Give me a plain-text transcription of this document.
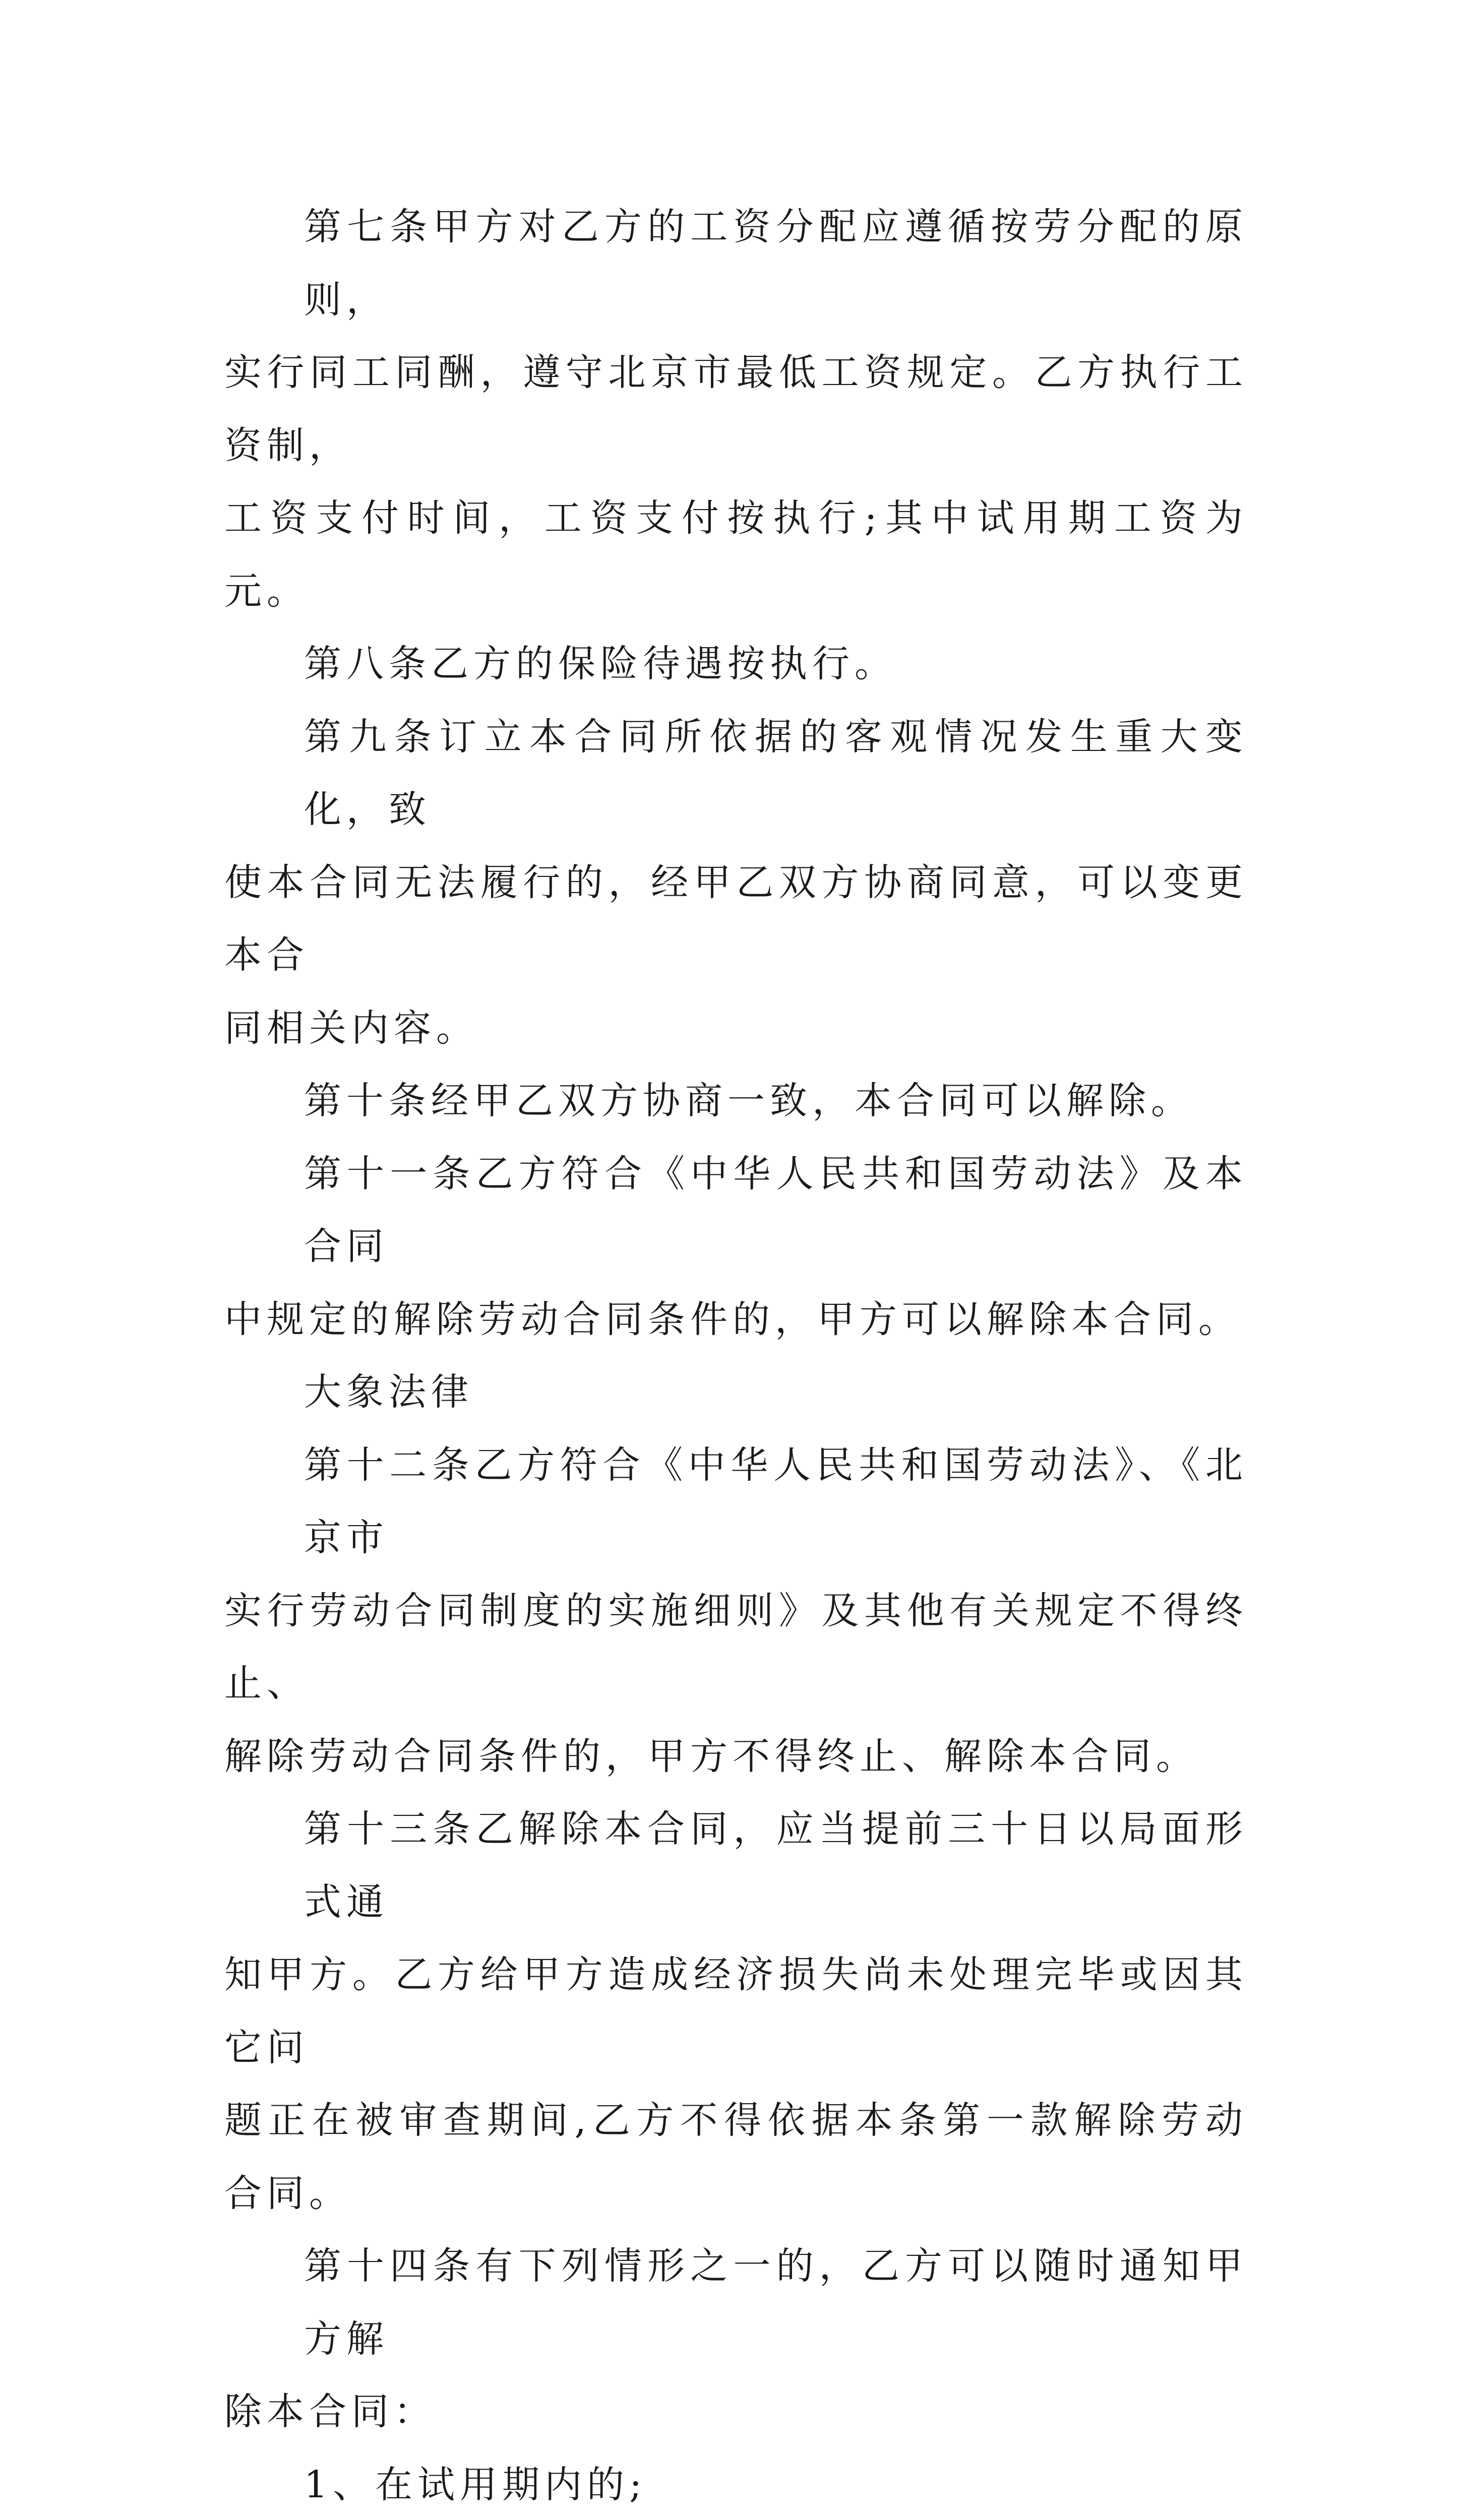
第七条甲方对乙方的工资分配应遵循按劳分配的原则，
实行同工同酬，遵守北京市最低工资规定。乙方执行工资制，
工资支付时间，工资支付按执行;其中试用期工资为元。

第八条乙方的保险待遇按执行。

第九条订立本合同所依据的客观情况发生重大变化，致
使本合同无法履行的，经甲乙双方协商同意，可以变更本合
同相关内容。

第十条经甲乙双方协商一致，本合同可以解除。

第十一条乙方符合《中华人民共和国劳动法》及本合同
中规定的解除劳动合同条件的，甲方可以解除本合同。

大象法律

第十二条乙方符合《中华人民共和国劳动法》、《北京市
实行劳动合同制度的实施细则》及其他有关规定不得终止、
解除劳动合同条件的，甲方不得终止、解除本合同。

第十三条乙解除本合同，应当提前三十日以局面形式通
知甲方。乙方给甲方造成经济损失尚未处理完毕或因其它问
题正在被审查期间,乙方不得依据本条第一款解除劳动合同。

第十四条有下列情形之一的，乙方可以随时通知甲方解
除本合同：

1、在试用期内的;
